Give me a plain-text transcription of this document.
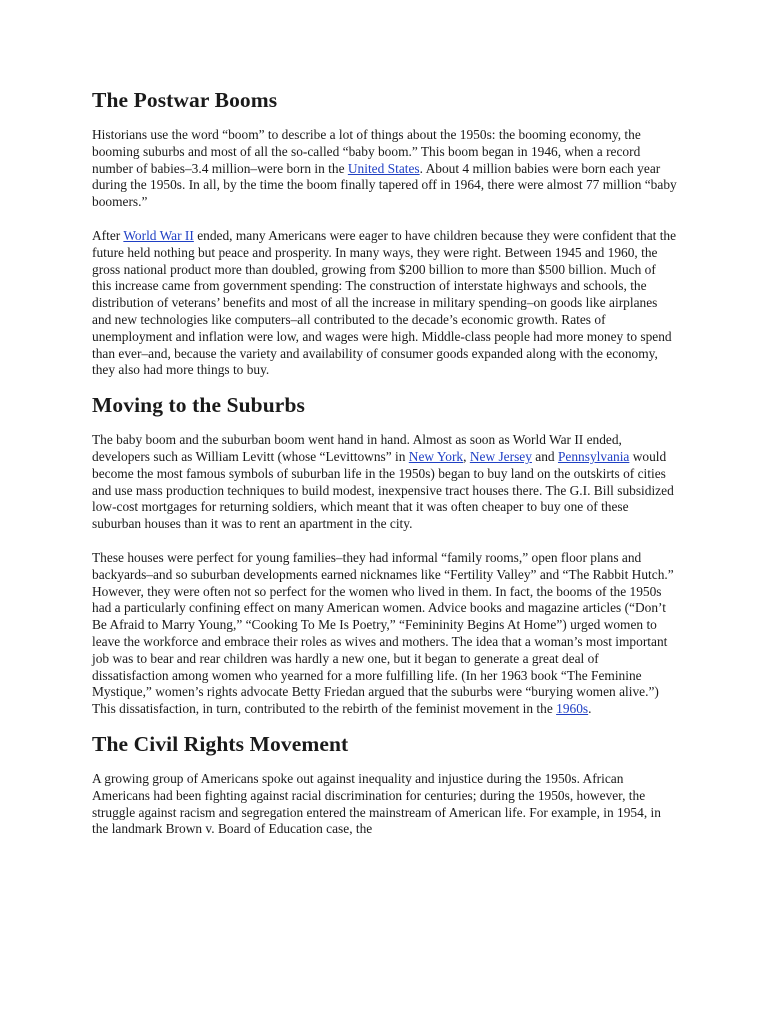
The Postwar Booms

Historians use the word “boom” to describe a lot of things about the 1950s: the booming economy, the booming suburbs and most of all the so-called “baby boom.” This boom began in 1946, when a record number of babies–3.4 million–were born in the United States. About 4 million babies were born each year during the 1950s. In all, by the time the boom finally tapered off in 1964, there were almost 77 million “baby boomers.”

After World War II ended, many Americans were eager to have children because they were confident that the future held nothing but peace and prosperity. In many ways, they were right. Between 1945 and 1960, the gross national product more than doubled, growing from $200 billion to more than $500 billion. Much of this increase came from government spending: The construction of interstate highways and schools, the distribution of veterans’ benefits and most of all the increase in military spending–on goods like airplanes and new technologies like computers–all contributed to the decade’s economic growth. Rates of unemployment and inflation were low, and wages were high. Middle-class people had more money to spend than ever–and, because the variety and availability of consumer goods expanded along with the economy, they also had more things to buy.

Moving to the Suburbs

The baby boom and the suburban boom went hand in hand. Almost as soon as World War II ended, developers such as William Levitt (whose “Levittowns” in New York, New Jersey and Pennsylvania would become the most famous symbols of suburban life in the 1950s) began to buy land on the outskirts of cities and use mass production techniques to build modest, inexpensive tract houses there. The G.I. Bill subsidized low-cost mortgages for returning soldiers, which meant that it was often cheaper to buy one of these suburban houses than it was to rent an apartment in the city.

These houses were perfect for young families–they had informal “family rooms,” open floor plans and backyards–and so suburban developments earned nicknames like “Fertility Valley” and “The Rabbit Hutch.” However, they were often not so perfect for the women who lived in them. In fact, the booms of the 1950s had a particularly confining effect on many American women. Advice books and magazine articles (“Don’t Be Afraid to Marry Young,” “Cooking To Me Is Poetry,” “Femininity Begins At Home”) urged women to leave the workforce and embrace their roles as wives and mothers. The idea that a woman’s most important job was to bear and rear children was hardly a new one, but it began to generate a great deal of dissatisfaction among women who yearned for a more fulfilling life. (In her 1963 book “The Feminine Mystique,” women’s rights advocate Betty Friedan argued that the suburbs were “burying women alive.”) This dissatisfaction, in turn, contributed to the rebirth of the feminist movement in the 1960s.

The Civil Rights Movement

A growing group of Americans spoke out against inequality and injustice during the 1950s. African Americans had been fighting against racial discrimination for centuries; during the 1950s, however, the struggle against racism and segregation entered the mainstream of American life. For example, in 1954, in the landmark Brown v. Board of Education case, the
